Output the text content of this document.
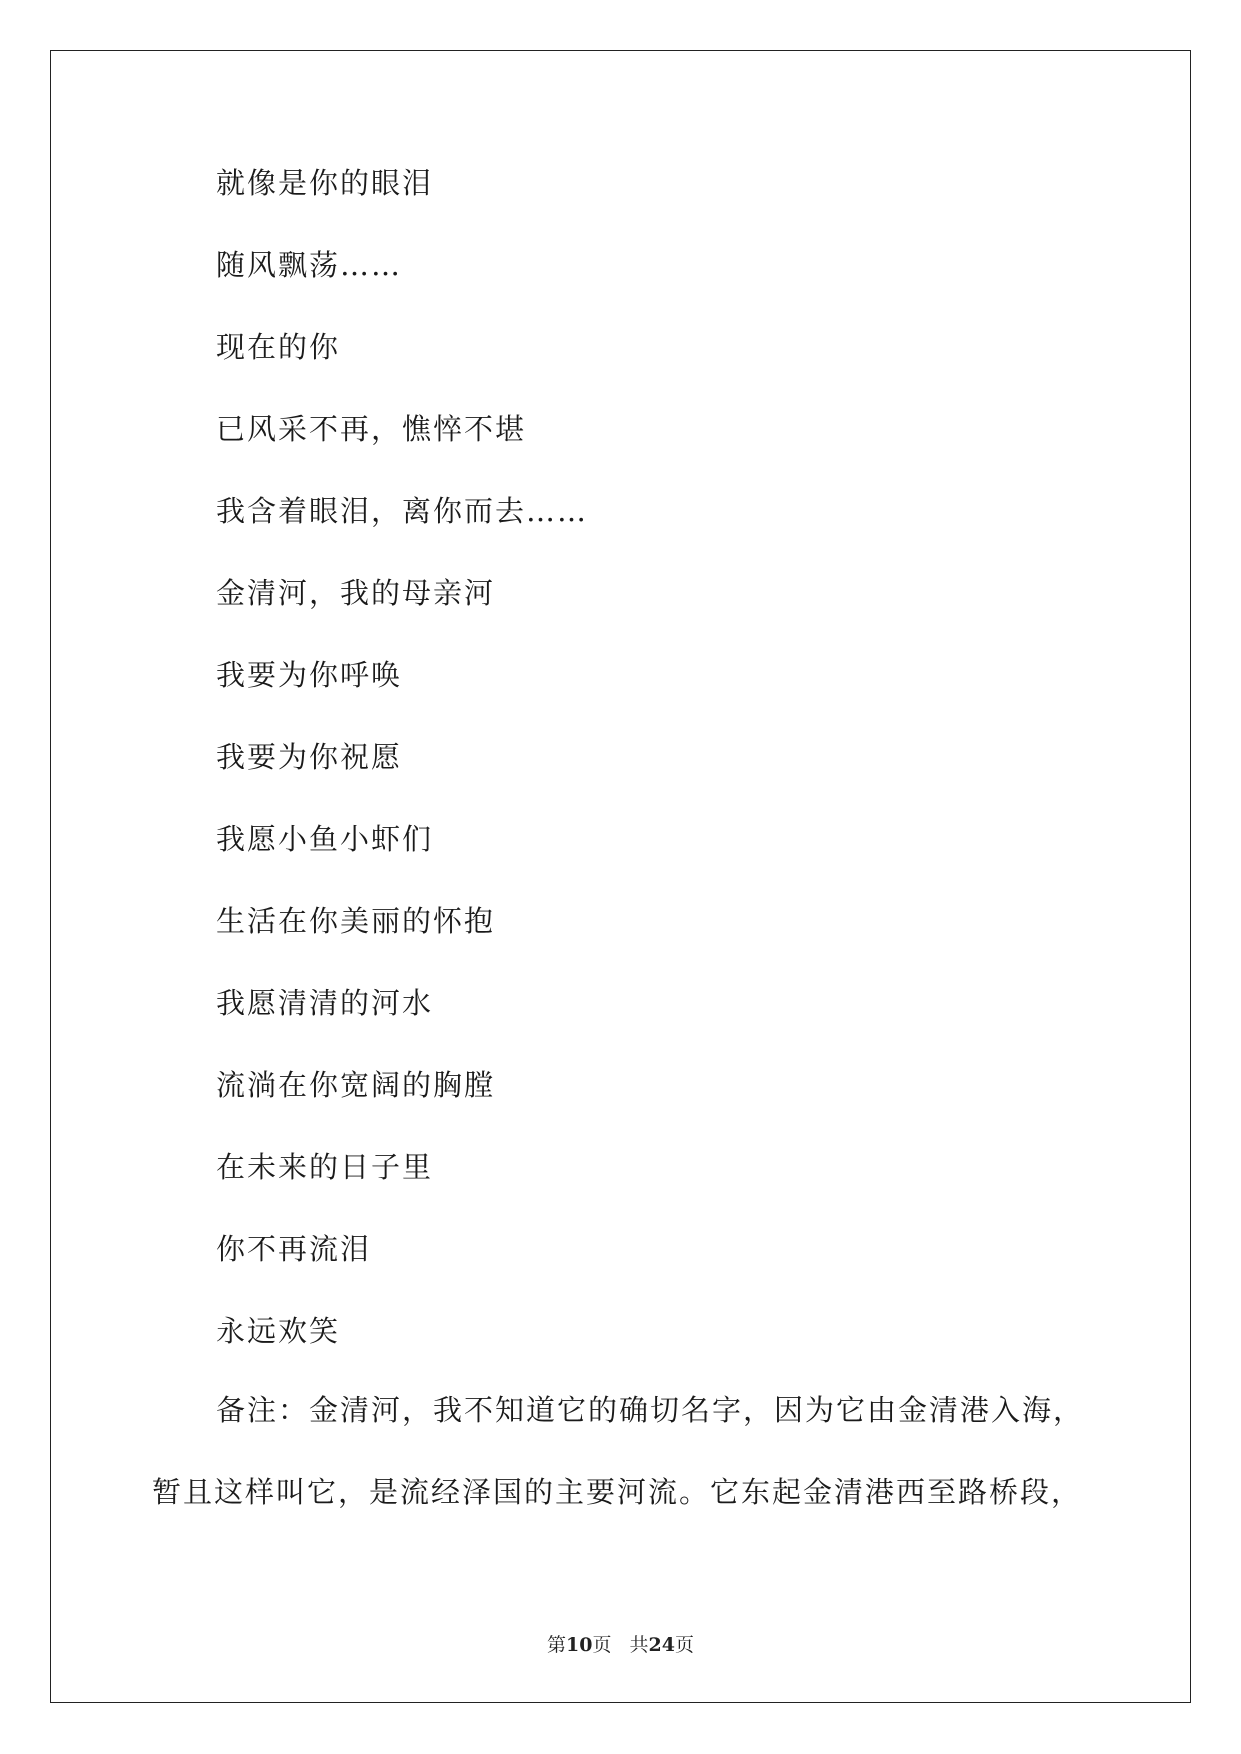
就像是你的眼泪
随风飘荡……
现在的你
已风采不再，憔悴不堪
我含着眼泪，离你而去……
金清河，我的母亲河
我要为你呼唤
我要为你祝愿
我愿小鱼小虾们
生活在你美丽的怀抱
我愿清清的河水
流淌在你宽阔的胸膛
在未来的日子里
你不再流泪
永远欢笑
备注：金清河，我不知道它的确切名字，因为它由金清港入海，
暂且这样叫它，是流经泽国的主要河流。它东起金清港西至路桥段，
第10页 共24页
